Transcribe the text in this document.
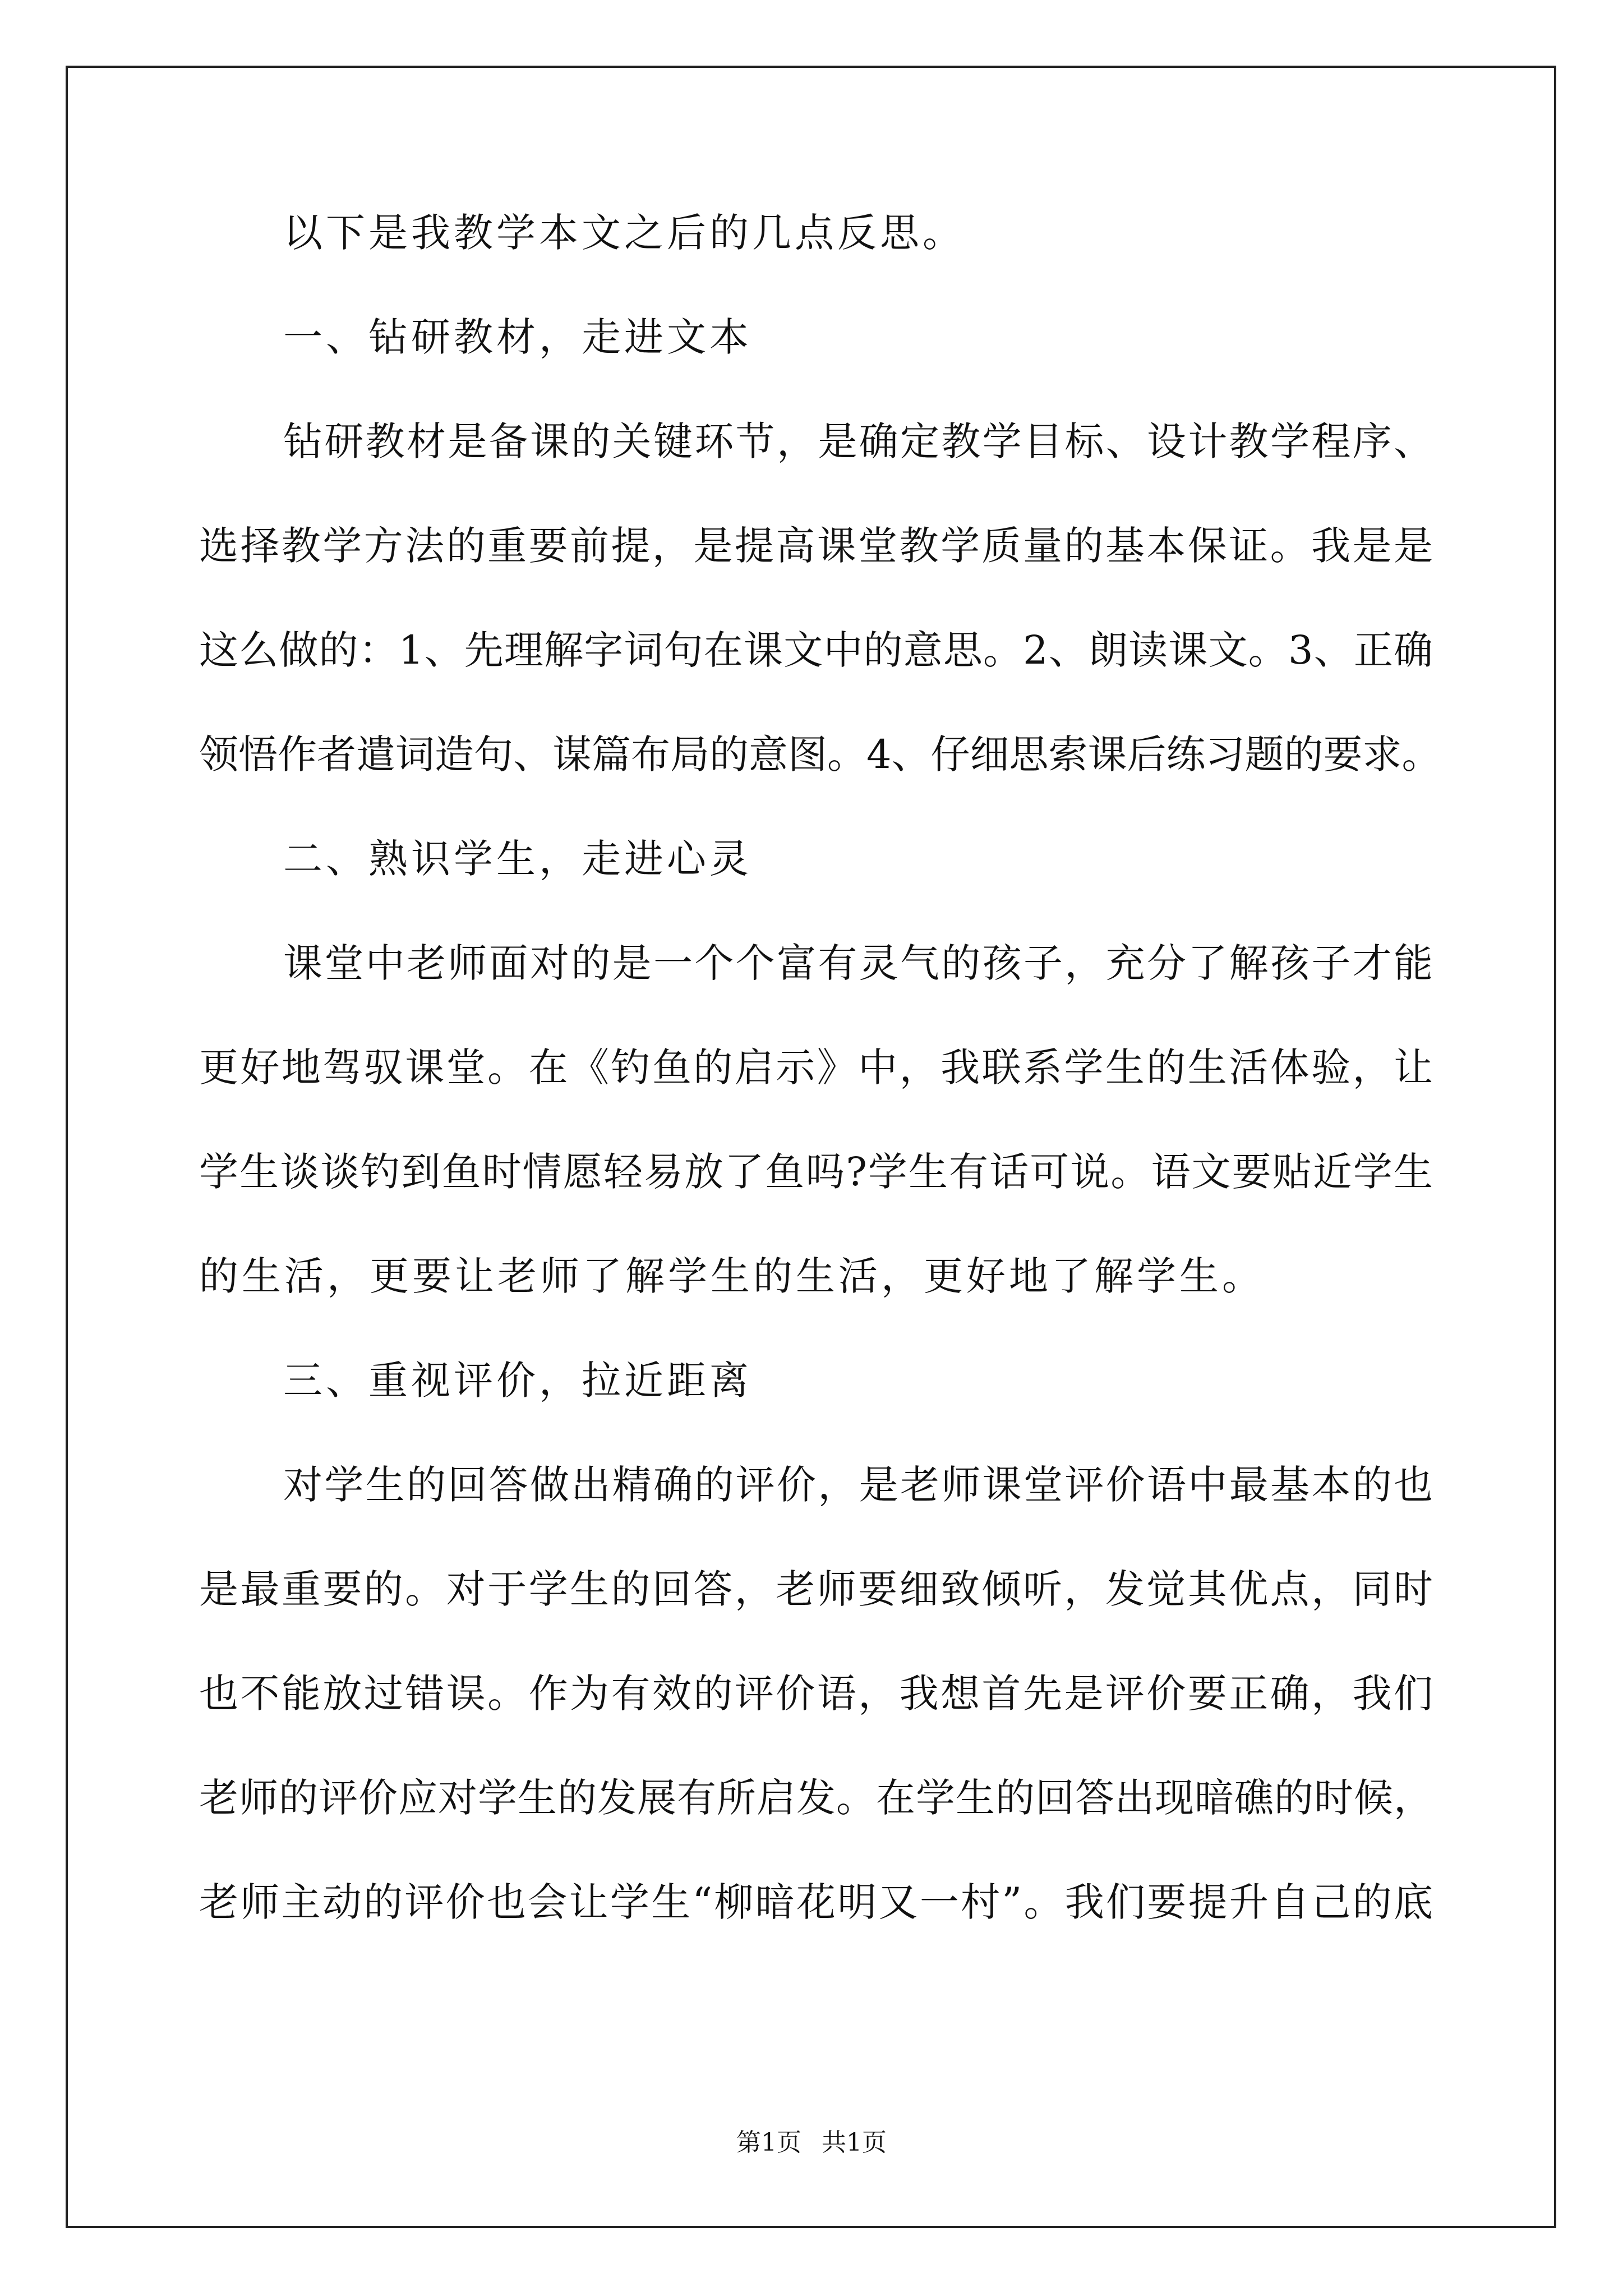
以下是我教学本文之后的几点反思。
一、钻研教材，走进文本
钻研教材是备课的关键环节，是确定教学目标、设计教学程序、
选择教学方法的重要前提，是提高课堂教学质量的基本保证。我是是
这么做的：1、先理解字词句在课文中的意思。2、朗读课文。3、正确
领悟作者遣词造句、谋篇布局的意图。4、仔细思索课后练习题的要求。
二、熟识学生，走进心灵
课堂中老师面对的是一个个富有灵气的孩子，充分了解孩子才能
更好地驾驭课堂。在《钓鱼的启示》中，我联系学生的生活体验，让
学生谈谈钓到鱼时情愿轻易放了鱼吗?学生有话可说。语文要贴近学生
的生活，更要让老师了解学生的生活，更好地了解学生。
三、重视评价，拉近距离
对学生的回答做出精确的评价，是老师课堂评价语中最基本的也
是最重要的。对于学生的回答，老师要细致倾听，发觉其优点，同时
也不能放过错误。作为有效的评价语，我想首先是评价要正确，我们
老师的评价应对学生的发展有所启发。在学生的回答出现暗礁的时候，
老师主动的评价也会让学生“柳暗花明又一村”。我们要提升自己的底
第1页 共1页
